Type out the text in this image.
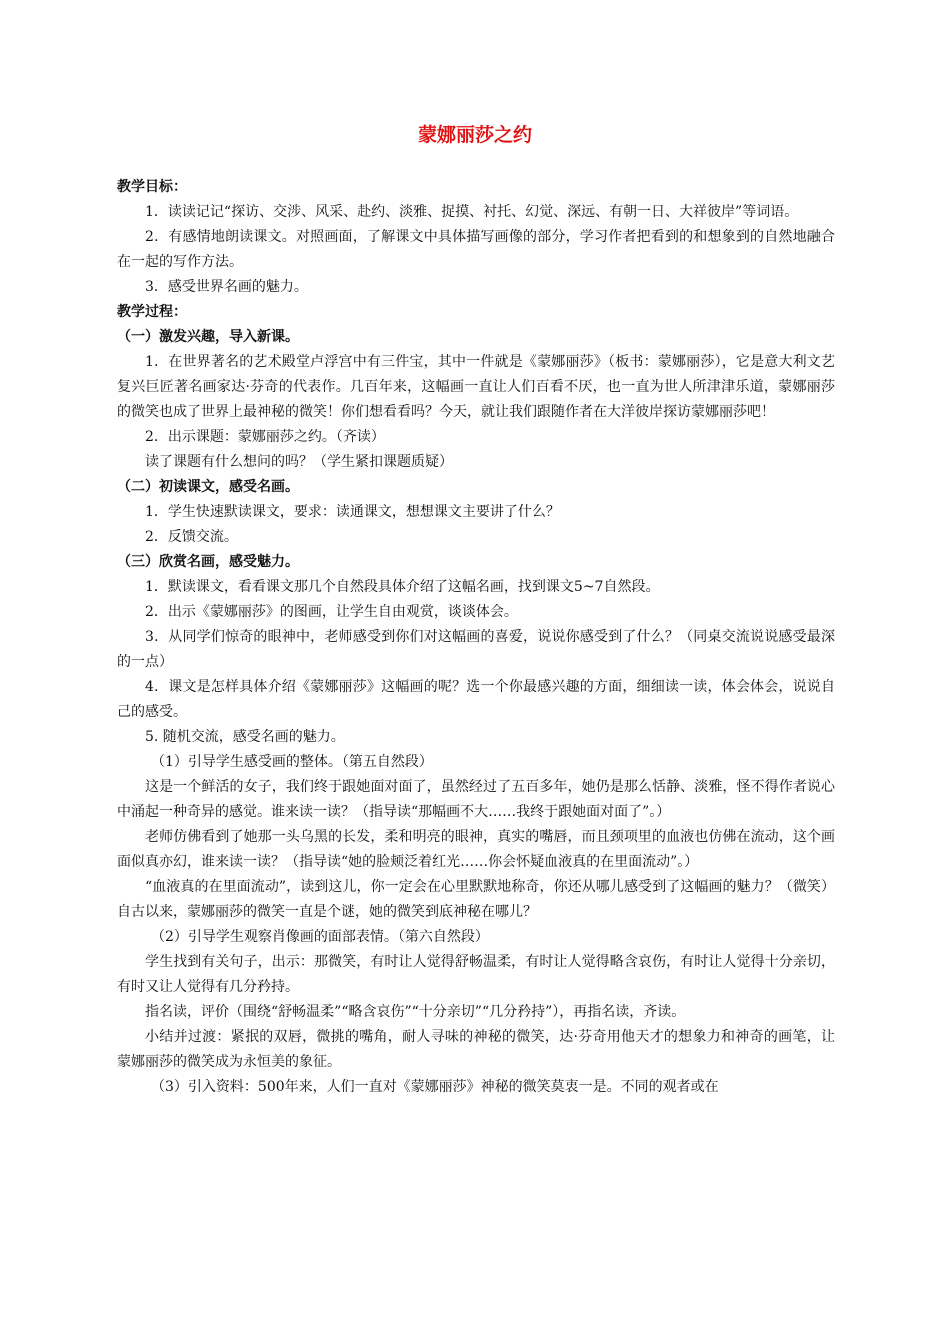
蒙娜丽莎之约

教学目标：

1．读读记记“探访、交涉、风采、赴约、淡雅、捉摸、衬托、幻觉、深远、有朝一日、大祥彼岸”等词语。

2．有感情地朗读课文。对照画面，了解课文中具体描写画像的部分，学习作者把看到的和想象到的自然地融合在一起的写作方法。

3．感受世界名画的魅力。

教学过程：

（一）激发兴趣，导入新课。

1．在世界著名的艺术殿堂卢浮宫中有三件宝，其中一件就是《蒙娜丽莎》（板书：蒙娜丽莎），它是意大利文艺复兴巨匠著名画家达·芬奇的代表作。几百年来，这幅画一直让人们百看不厌，也一直为世人所津津乐道，蒙娜丽莎的微笑也成了世界上最神秘的微笑！你们想看看吗？今天，就让我们跟随作者在大洋彼岸探访蒙娜丽莎吧！

2．出示课题：蒙娜丽莎之约。（齐读）

读了课题有什么想问的吗？（学生紧扣课题质疑）

（二）初读课文，感受名画。

1．学生快速默读课文，要求：读通课文，想想课文主要讲了什么？

2．反馈交流。

（三）欣赏名画，感受魅力。

1．默读课文，看看课文那几个自然段具体介绍了这幅名画，找到课文5~7自然段。

2．出示《蒙娜丽莎》的图画，让学生自由观赏，谈谈体会。

3．从同学们惊奇的眼神中，老师感受到你们对这幅画的喜爱，说说你感受到了什么？（同桌交流说说感受最深的一点）

4．课文是怎样具体介绍《蒙娜丽莎》这幅画的呢？选一个你最感兴趣的方面，细细读一读，体会体会，说说自己的感受。

5. 随机交流，感受名画的魅力。

（1）引导学生感受画的整体。（第五自然段）

这是一个鲜活的女子，我们终于跟她面对面了，虽然经过了五百多年，她仍是那么恬静、淡雅，怪不得作者说心中涌起一种奇异的感觉。谁来读一读？（指导读“那幅画不大……我终于跟她面对面了”。）

老师仿佛看到了她那一头乌黑的长发，柔和明亮的眼神，真实的嘴唇，而且颈项里的血液也仿佛在流动，这个画面似真亦幻，谁来读一读？（指导读“她的脸颊泛着红光……你会怀疑血液真的在里面流动”。）

“血液真的在里面流动”，读到这儿，你一定会在心里默默地称奇，你还从哪儿感受到了这幅画的魅力？（微笑）自古以来，蒙娜丽莎的微笑一直是个谜，她的微笑到底神秘在哪儿？

（2）引导学生观察肖像画的面部表情。（第六自然段）

学生找到有关句子，出示：那微笑，有时让人觉得舒畅温柔，有时让人觉得略含哀伤，有时让人觉得十分亲切，有时又让人觉得有几分矜持。

指名读，评价（围绕“舒畅温柔”“略含哀伤”“十分亲切”“几分矜持”），再指名读，齐读。

小结并过渡：紧抿的双唇，微挑的嘴角，耐人寻味的神秘的微笑，达·芬奇用他天才的想象力和神奇的画笔，让蒙娜丽莎的微笑成为永恒美的象征。

（3）引入资料：500年来，人们一直对《蒙娜丽莎》神秘的微笑莫衷一是。不同的观者或在
